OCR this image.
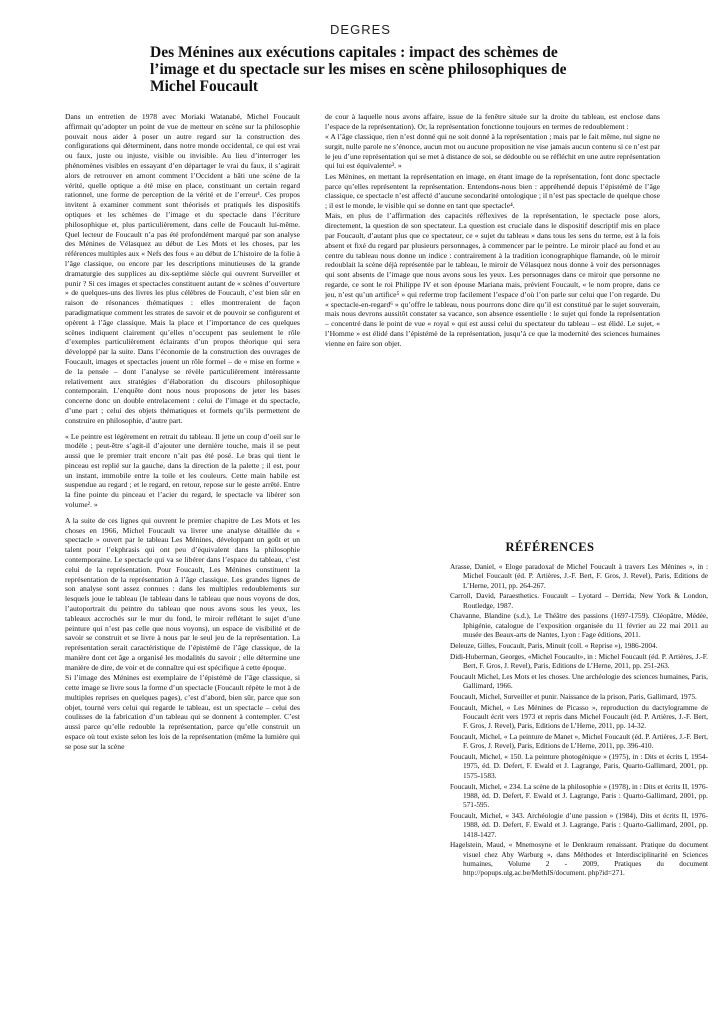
DEGRES
Des Ménines aux exécutions capitales : impact des schèmes de l’image et du spectacle sur les mises en scène philosophiques de Michel Foucault

Dans un entretien de 1978 avec Moriaki Watanabé, Michel Foucault affirmait qu’adopter un point de vue de metteur en scène sur la philosophie pouvait nous aider à poser un autre regard sur la construction des configurations qui déterminent, dans notre monde occidental, ce qui est vrai ou faux, juste ou injuste, visible ou invisible. Au lieu d’interroger les phénomènes visibles en essayant d’en départager le vrai du faux, il s’agirait alors de retrouver en amont comment l’Occident a bâti une scène de la vérité, quelle optique a été mise en place, constituant un certain regard rationnel, une forme de perception de la vérité et de l’erreur¹. Ces propos invitent à examiner comment sont théorisés et pratiqués les dispositifs optiques et les schèmes de l’image et du spectacle dans l’écriture philosophique et, plus particulièrement, dans celle de Foucault lui-même. Quel lecteur de Foucault n’a pas été profondément marqué par son analyse des Ménines de Vélasquez au début de Les Mots et les choses, par les références multiples aux « Nefs des fous » au début de L’histoire de la folie à l’âge classique, ou encore par les descriptions minutieuses de la grande dramaturgie des supplices au dix-septième siècle qui ouvrent Surveiller et punir ? Si ces images et spectacles constituent autant de « scènes d’ouverture » de quelques-uns des livres les plus célèbres de Foucault, c’est bien sûr en raison de résonances thématiques : elles montreraient de façon paradigmatique comment les strates de savoir et de pouvoir se configurent et opèrent à l’âge classique. Mais la place et l’importance de ces quelques scènes indiquent clairement qu’elles n’occupent pas seulement le rôle d’exemples particulièrement éclairants d’un propos théorique qui sera développé par la suite. Dans l’économie de la construction des ouvrages de Foucault, images et spectacles jouent un rôle formel – de « mise en forme » de la pensée – dont l’analyse se révèle particulièrement intéressante relativement aux stratégies d’élaboration du discours philosophique contemporain. L’enquête dont nous nous proposons de jeter les bases concerne donc un double entrelacement : celui de l’image et du spectacle, d’une part ; celui des objets thématiques et formels qu’ils permettent de construire en philosophie, d’autre part.

« Le peintre est légèrement en retrait du tableau. Il jette un coup d’oeil sur le modèle ; peut-être s’agit-il d’ajouter une dernière touche, mais il se peut aussi que le premier trait encore n’ait pas été posé. Le bras qui tient le pinceau est replié sur la gauche, dans la direction de la palette ; il est, pour un instant, immobile entre la toile et les couleurs. Cette main habile est suspendue au regard ; et le regard, en retour, repose sur le geste arrêté. Entre la fine pointe du pinceau et l’acier du regard, le spectacle va libérer son volume². »

A la suite de ces lignes qui ouvrent le premier chapitre de Les Mots et les choses en 1966, Michel Foucault va livrer une analyse détaillée du « spectacle » ouvert par le tableau Les Ménines, développant un goût et un talent pour l’ekphrasis qui ont peu d’équivalent dans la philosophie contemporaine. Le spectacle qui va se libérer dans l’espace du tableau, c’est celui de la représentation. Pour Foucault, Les Ménines constituent la représentation de la représentation à l’âge classique. Les grandes lignes de son analyse sont assez connues : dans les multiples redoublements sur lesquels joue le tableau (le tableau dans le tableau que nous voyons de dos, l’autoportrait du peintre du tableau que nous avons sous les yeux, les tableaux accrochés sur le mur du fond, le miroir reflétant le sujet d’une peinture qui n’est pas celle que nous voyons), un espace de visibilité et de savoir se construit et se livre à nous par le seul jeu de la représentation. La représentation serait caractéristique de l’épistémè de l’âge classique, de la manière dont cet âge a organisé les modalités du savoir ; elle détermine une manière de dire, de voir et de connaître qui est spécifique à cette époque.

Si l’image des Ménines est exemplaire de l’épistémè de l’âge classique, si cette image se livre sous la forme d’un spectacle (Foucault répète le mot à de multiples reprises en quelques pages), c’est d’abord, bien sûr, parce que son objet, tourné vers celui qui regarde le tableau, est un spectacle – celui des coulisses de la fabrication d’un tableau qui se donnent à contempler. C’est aussi parce qu’elle redouble la représentation, parce qu’elle construit un espace où tout existe selon les lois de la représentation (même la lumière qui se pose sur la scène

de cour à laquelle nous avons affaire, issue de la fenêtre située sur la droite du tableau, est enclose dans l’espace de la représentation). Or, la représentation fonctionne toujours en termes de redoublement :

« A l’âge classique, rien n’est donné qui ne soit donné à la représentation ; mais par le fait même, nul signe ne surgit, nulle parole ne s’énonce, aucun mot ou aucune proposition ne vise jamais aucun contenu si ce n’est par le jeu d’une représentation qui se met à distance de soi, se dédouble ou se réfléchit en une autre représentation qui lui est équivalente³. »

Les Ménines, en mettant la représentation en image, en étant image de la représentation, font donc spectacle parce qu’elles représentent la représentation. Entendons-nous bien : appréhendé depuis l’épistémè de l’âge classique, ce spectacle n’est affecté d’aucune secondarité ontologique ; il n’est pas spectacle de quelque chose ; il est le monde, le visible qui se donne en tant que spectacle⁴.

Mais, en plus de l’affirmation des capacités réflexives de la représentation, le spectacle pose alors, directement, la question de son spectateur. La question est cruciale dans le dispositif descriptif mis en place par Foucault, d’autant plus que ce spectateur, ce « sujet du tableau » dans tous les sens du terme, est à la fois absent et fixé du regard par plusieurs personnages, à commencer par le peintre. Le miroir placé au fond et au centre du tableau nous donne un indice : contrairement à la tradition iconographique flamande, où le miroir redoublait la scène déjà représentée par le tableau, le miroir de Vélasquez nous donne à voir des personnages qui sont absents de l’image que nous avons sous les yeux. Les personnages dans ce miroir que personne ne regarde, ce sont le roi Philippe IV et son épouse Mariana mais, prévient Foucault, « le nom propre, dans ce jeu, n’est qu’un artifice⁵ » qui referme trop facilement l’espace d’où l’on parle sur celui que l’on regarde. Du « spectacle-en-regard⁶ » qu’offre le tableau, nous pourrons donc dire qu’il est constitué par le sujet souverain, mais nous devrons aussitôt constater sa vacance, son absence essentielle : le sujet qui fonde la représentation – concentré dans le point de vue « royal » qui est aussi celui du spectateur du tableau – est élidé. Le sujet, « l’Homme » est élidé dans l’épistémè de la représentation, jusqu’à ce que la modernité des sciences humaines vienne en faire son objet.

RÉFÉRENCES

Arasse, Daniel, « Eloge paradoxal de Michel Foucault à travers Les Ménines », in : Michel Foucault (éd. P. Artières, J.-F. Bert, F. Gros, J. Revel), Paris, Editions de L’Herne, 2011, pp. 264-267.

Carroll, David, Paraesthetics. Foucault – Lyotard – Derrida, New York & London, Routledge, 1987.

Chavanne, Blandine (s.d.), Le Théâtre des passions (1697-1759). Cléopâtre, Médée, Iphigénie, catalogue de l’exposition organisée du 11 février au 22 mai 2011 au musée des Beaux-arts de Nantes, Lyon : Fage éditions, 2011.

Deleuze, Gilles, Foucault, Paris, Minuit (coll. « Reprise »), 1986-2004.

Didi-Huberman, Georges, «Michel Foucault», in : Michel Foucault (éd. P. Artières, J.-F. Bert, F. Gros, J. Revel), Paris, Editions de L’Herne, 2011, pp. 251-263.

Foucault Michel, Les Mots et les choses. Une archéologie des sciences humaines, Paris, Gallimard, 1966.

Foucault, Michel, Surveiller et punir. Naissance de la prison, Paris, Gallimard, 1975.

Foucault, Michel, « Les Ménines de Picasso », reproduction du dactylogramme de Foucault écrit vers 1973 et repris dans Michel Foucault (éd. P. Artières, J.-F. Bert, F. Gros, J. Revel), Paris, Editions de L’Herne, 2011, pp. 14-32.

Foucault, Michel, « La peinture de Manet », Michel Foucault (éd. P. Artières, J.-F. Bert, F. Gros, J. Revel), Paris, Editions de L’Herne, 2011, pp. 396-410.

Foucault, Michel, « 150. La peinture photogénique » (1975), in : Dits et écrits I, 1954-1975, éd. D. Defert, F. Ewald et J. Lagrange, Paris, Quarto-Gallimard, 2001, pp. 1575-1583.

Foucault, Michel, « 234. La scène de la philosophie » (1978), in : Dits et écrits II, 1976-1988, éd. D. Defert, F. Ewald et J. Lagrange, Paris : Quarto-Gallimard, 2001, pp. 571-595.

Foucault, Michel, « 343. Archéologie d’une passion » (1984), Dits et écrits II, 1976-1988, éd. D. Defert, F. Ewald et J. Lagrange, Paris : Quarto-Gallimard, 2001, pp. 1418-1427.

Hagelstein, Maud, « Mnemosyne et le Denkraum renaissant. Pratique du document visuel chez Aby Warburg », dans Méthodes et Interdisciplinarité en Sciences humaines, Volume 2 - 2009, Pratiques du document http://popups.ulg.ac.be/MethIS/document. php?id=271.
